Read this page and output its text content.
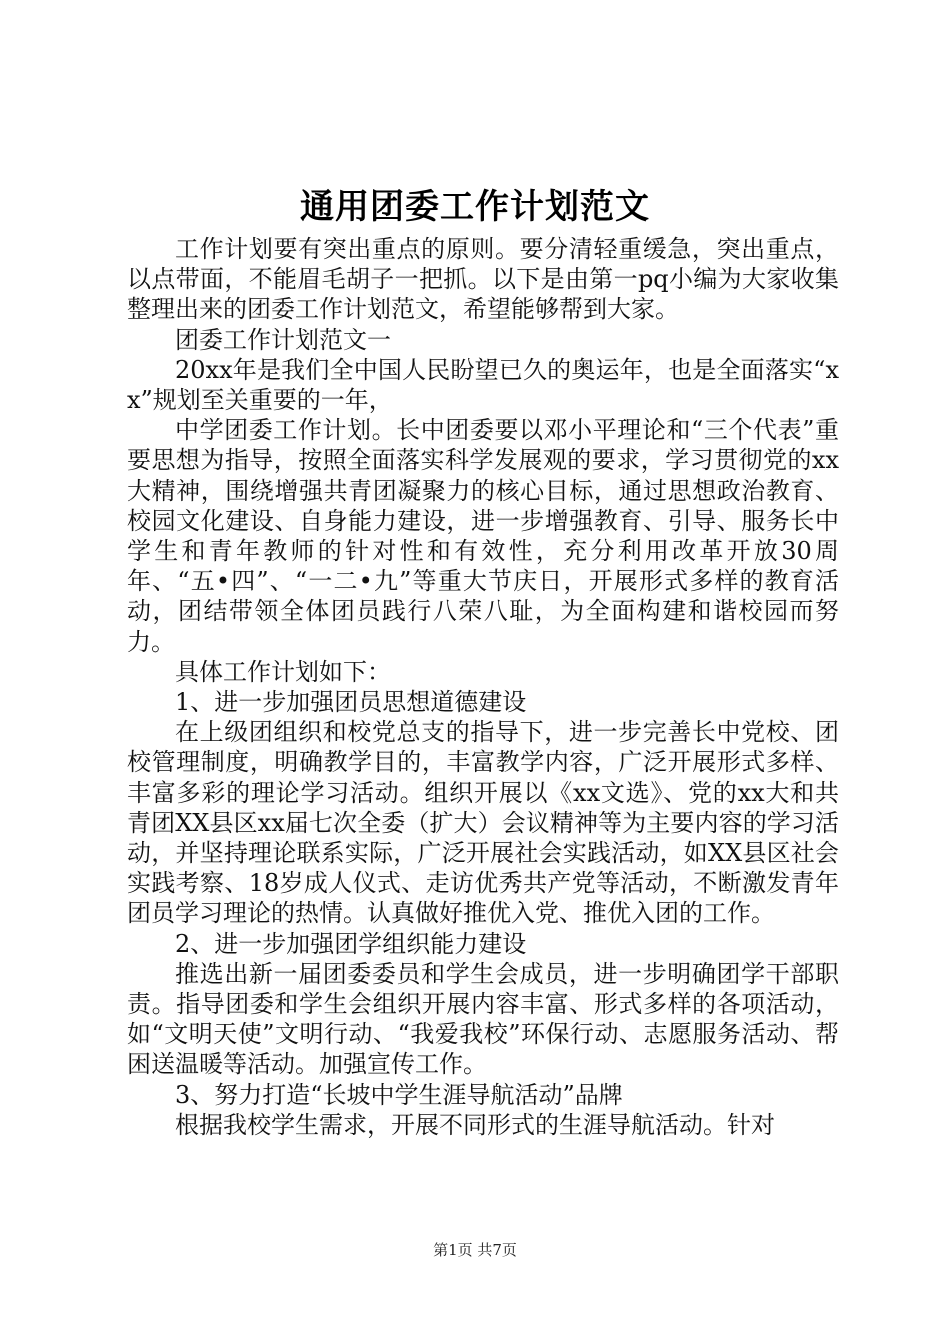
通用团委工作计划范文

工作计划要有突出重点的原则。要分清轻重缓急，突出重点，以点带面，不能眉毛胡子一把抓。以下是由第一pq小编为大家收集整理出来的团委工作计划范文，希望能够帮到大家。

团委工作计划范文一

20xx年是我们全中国人民盼望已久的奥运年，也是全面落实“xx”规划至关重要的一年，

中学团委工作计划。长中团委要以邓小平理论和“三个代表”重要思想为指导，按照全面落实科学发展观的要求，学习贯彻党的xx大精神，围绕增强共青团凝聚力的核心目标，通过思想政治教育、校园文化建设、自身能力建设，进一步增强教育、引导、服务长中学生和青年教师的针对性和有效性，充分利用改革开放30周年、“五•四”、“一二•九”等重大节庆日，开展形式多样的教育活动，团结带领全体团员践行八荣八耻，为全面构建和谐校园而努力。

具体工作计划如下：

1、进一步加强团员思想道德建设

在上级团组织和校党总支的指导下，进一步完善长中党校、团校管理制度，明确教学目的，丰富教学内容，广泛开展形式多样、丰富多彩的理论学习活动。组织开展以《xx文选》、党的xx大和共青团XX县区xx届七次全委（扩大）会议精神等为主要内容的学习活动，并坚持理论联系实际，广泛开展社会实践活动，如XX县区社会实践考察、18岁成人仪式、走访优秀共产党等活动，不断激发青年团员学习理论的热情。认真做好推优入党、推优入团的工作。

2、进一步加强团学组织能力建设

推选出新一届团委委员和学生会成员，进一步明确团学干部职责。指导团委和学生会组织开展内容丰富、形式多样的各项活动，如“文明天使”文明行动、“我爱我校”环保行动、志愿服务活动、帮困送温暖等活动。加强宣传工作。

3、努力打造“长坡中学生涯导航活动”品牌

根据我校学生需求，开展不同形式的生涯导航活动。针对

第1页 共7页
